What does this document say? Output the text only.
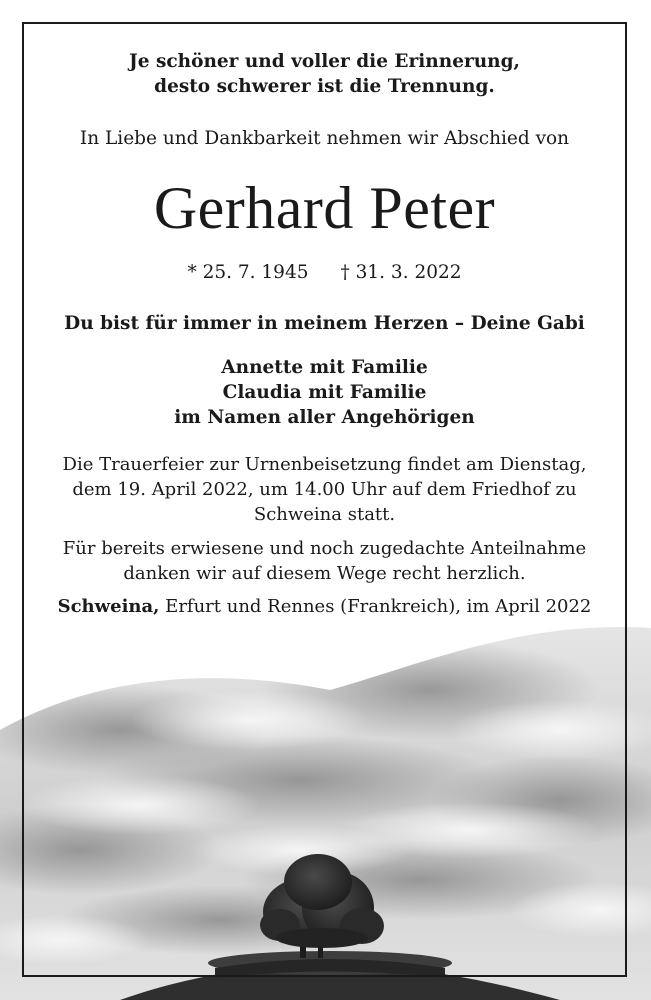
Je schöner und voller die Erinnerung,

desto schwerer ist die Trennung.

In Liebe und Dankbarkeit nehmen wir Abschied von

Gerhard Peter

* 25. 7. 1945 † 31. 3. 2022

Du bist für immer in meinem Herzen – Deine Gabi

Annette mit Familie

Claudia mit Familie

im Namen aller Angehörigen

Die Trauerfeier zur Urnenbeisetzung findet am Dienstag,

dem 19. April 2022, um 14.00 Uhr auf dem Friedhof zu

Schweina statt.

Für bereits erwiesene und noch zugedachte Anteilnahme

danken wir auf diesem Wege recht herzlich.

Schweina, Erfurt und Rennes (Frankreich), im April 2022
